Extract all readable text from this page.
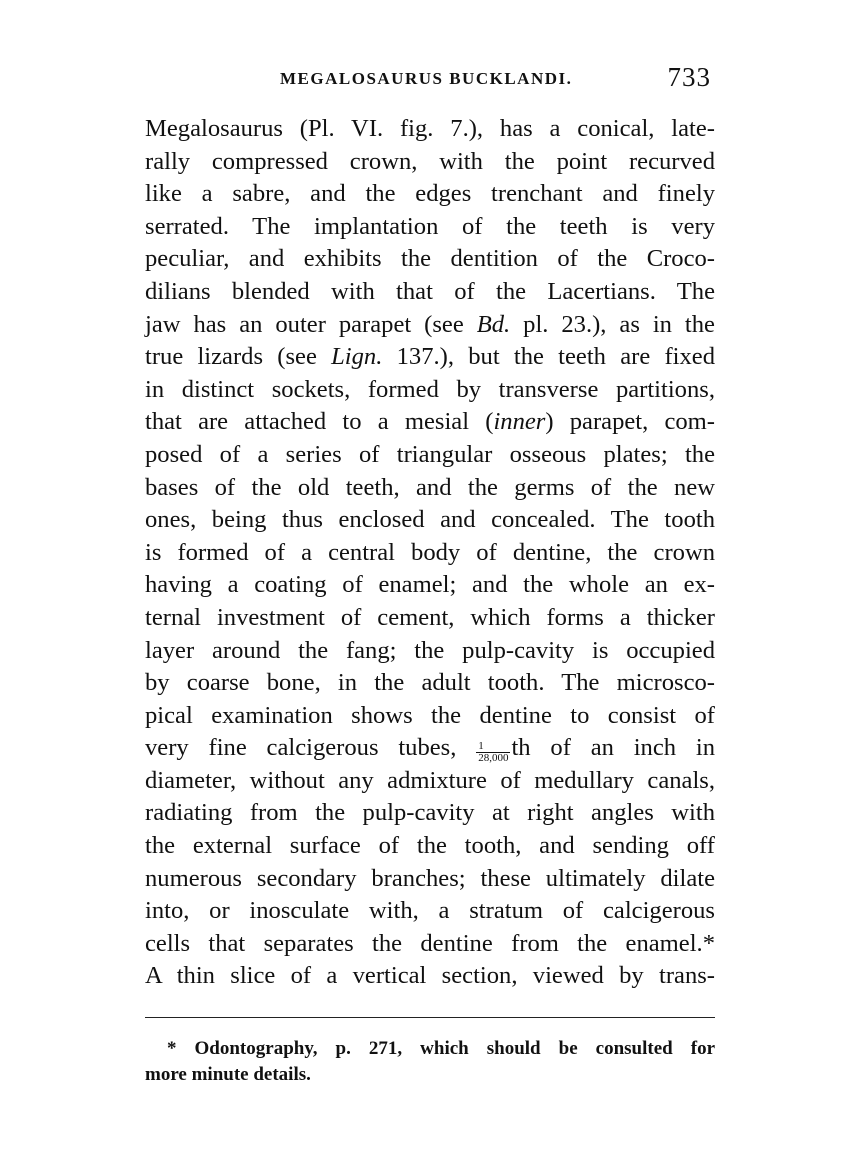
MEGALOSAURUS BUCKLANDI.	733
Megalosaurus (Pl. VI. fig. 7.), has a conical, late-
rally compressed crown, with the point recurved
like a sabre, and the edges trenchant and finely
serrated. The implantation of the teeth is very
peculiar, and exhibits the dentition of the Croco-
dilians blended with that of the Lacertians. The
jaw has an outer parapet (see Bd. pl. 23.), as in the
true lizards (see Lign. 137.), but the teeth are fixed
in distinct sockets, formed by transverse partitions,
that are attached to a mesial (inner) parapet, com-
posed of a series of triangular osseous plates; the
bases of the old teeth, and the germs of the new
ones, being thus enclosed and concealed. The tooth
is formed of a central body of dentine, the crown
having a coating of enamel; and the whole an ex-
ternal investment of cement, which forms a thicker
layer around the fang; the pulp-cavity is occupied
by coarse bone, in the adult tooth. The microsco-
pical examination shows the dentine to consist of
very fine calcigerous tubes, $\frac{1}{28,000}$ th of an inch in
diameter, without any admixture of medullary canals,
radiating from the pulp-cavity at right angles with
the external surface of the tooth, and sending off
numerous secondary branches; these ultimately dilate
into, or inosculate with, a stratum of calcigerous
cells that separates the dentine from the enamel.*
A thin slice of a vertical section, viewed by trans-
* Odontography, p. 271, which should be consulted for
more minute details.
